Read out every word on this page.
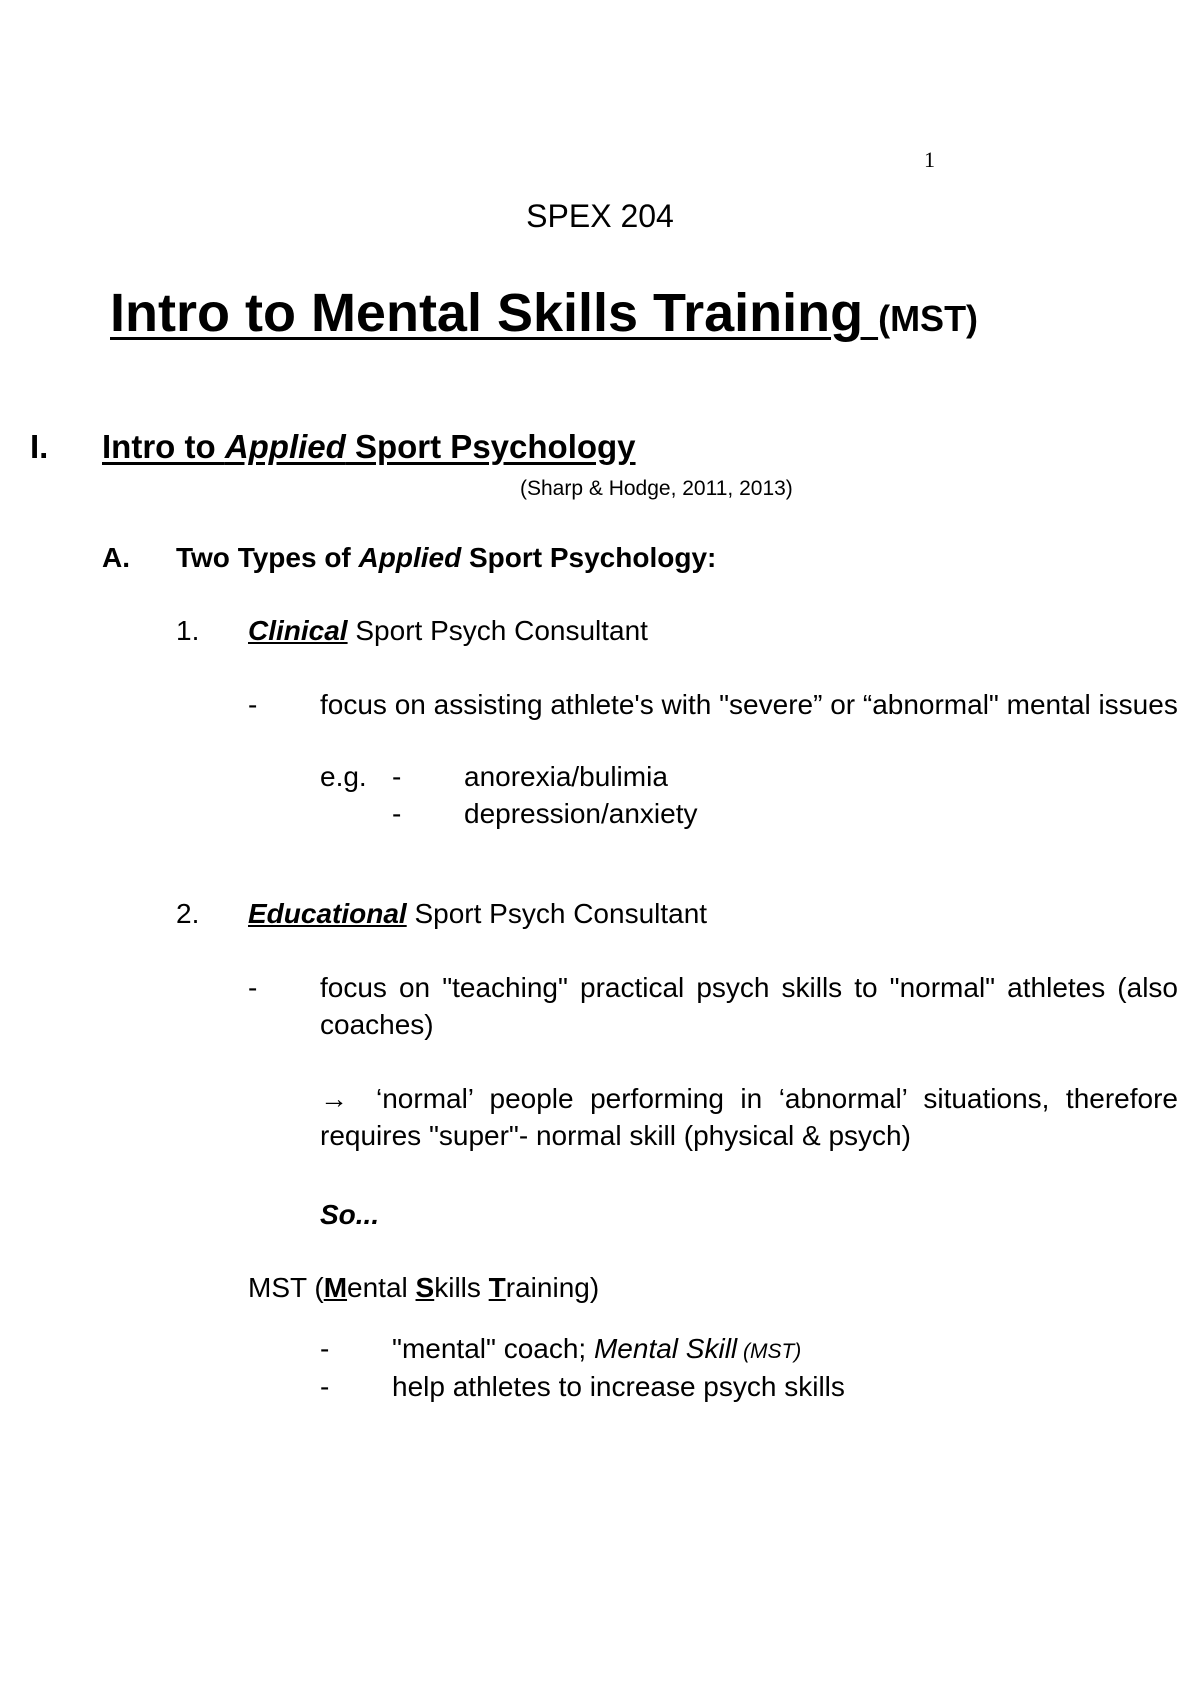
1
SPEX 204
Intro to Mental Skills Training (MST)
I. Intro to Applied Sport Psychology
(Sharp & Hodge, 2011, 2013)
A. Two Types of Applied Sport Psychology:
1. Clinical Sport Psych Consultant
- focus on assisting athlete's with "severe” or “abnormal" mental issues
e.g. - anorexia/bulimia
- depression/anxiety
2. Educational Sport Psych Consultant
- focus on "teaching" practical psych skills to "normal" athletes (also coaches)
→ ‘normal’ people performing in ‘abnormal’ situations, therefore requires "super"- normal skill (physical & psych)
So...
MST (Mental Skills Training)
- "mental" coach; Mental Skill (MST)
- help athletes to increase psych skills
